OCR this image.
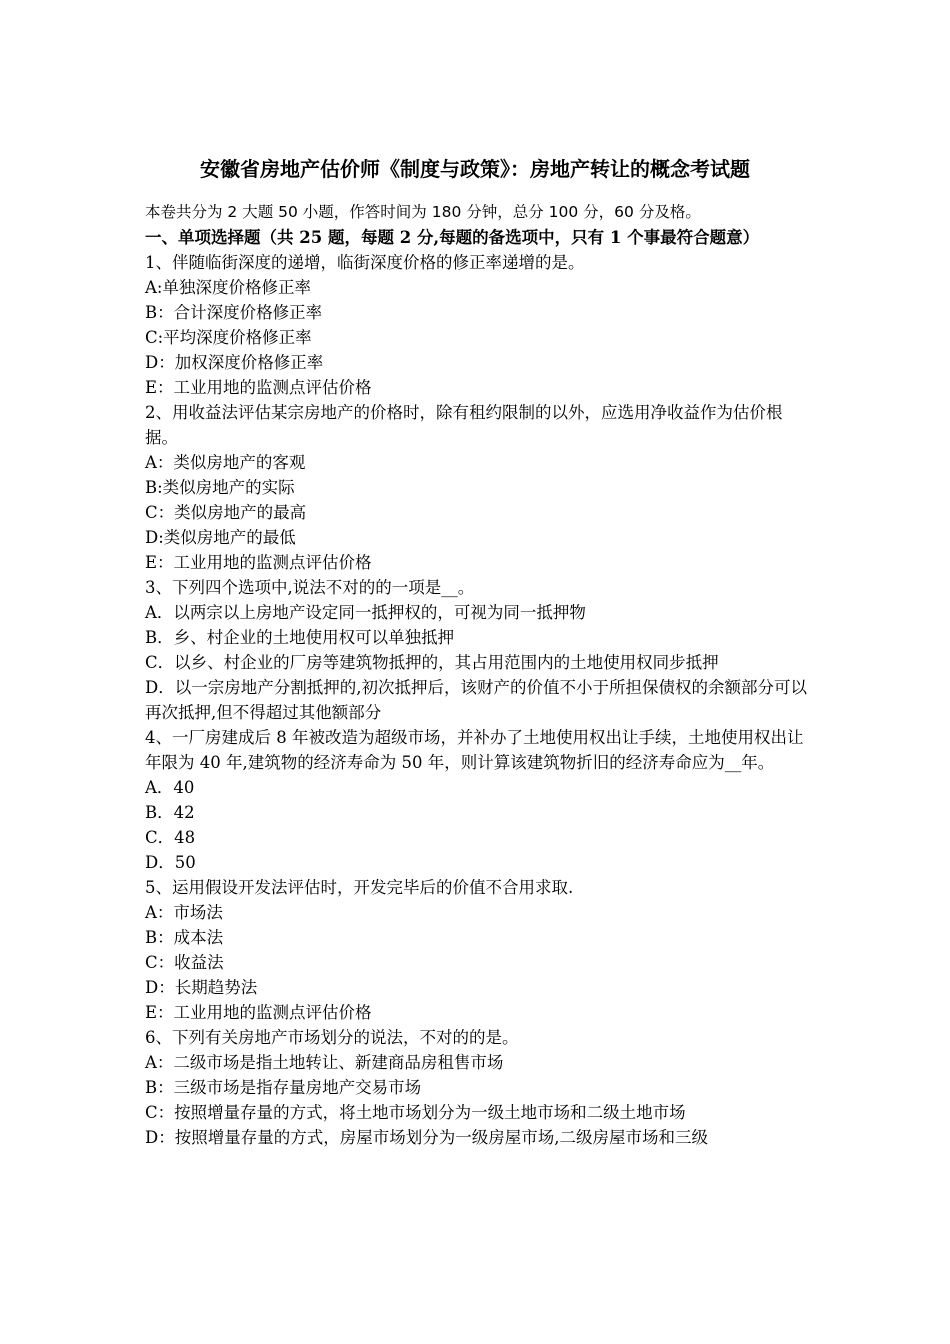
安徽省房地产估价师《制度与政策》：房地产转让的概念考试题
本卷共分为 2 大题 50 小题，作答时间为 180 分钟，总分 100 分，60 分及格。
一、单项选择题（共 25 题，每题 2 分,每题的备选项中，只有 1 个事最符合题意）
1、伴随临街深度的递增，临街深度价格的修正率递增的是。
A:单独深度价格修正率
B：合计深度价格修正率
C:平均深度价格修正率
D：加权深度价格修正率
E：工业用地的监测点评估价格
2、用收益法评估某宗房地产的价格时，除有租约限制的以外，应选用净收益作为估价根据。
A：类似房地产的客观
B:类似房地产的实际
C：类似房地产的最高
D:类似房地产的最低
E：工业用地的监测点评估价格
3、下列四个选项中,说法不对的的一项是__。
A．以两宗以上房地产设定同一抵押权的，可视为同一抵押物
B．乡、村企业的土地使用权可以单独抵押
C．以乡、村企业的厂房等建筑物抵押的，其占用范围内的土地使用权同步抵押
D．以一宗房地产分割抵押的,初次抵押后，该财产的价值不小于所担保债权的余额部分可以再次抵押,但不得超过其他额部分
4、一厂房建成后 8 年被改造为超级市场，并补办了土地使用权出让手续，土地使用权出让年限为 40 年,建筑物的经济寿命为 50 年，则计算该建筑物折旧的经济寿命应为__年。
A．40
B．42
C．48
D．50
5、运用假设开发法评估时，开发完毕后的价值不合用求取.
A：市场法
B：成本法
C：收益法
D：长期趋势法
E：工业用地的监测点评估价格
6、下列有关房地产市场划分的说法，不对的的是。
A：二级市场是指土地转让、新建商品房租售市场
B：三级市场是指存量房地产交易市场
C：按照增量存量的方式，将土地市场划分为一级土地市场和二级土地市场
D：按照增量存量的方式，房屋市场划分为一级房屋市场,二级房屋市场和三级
